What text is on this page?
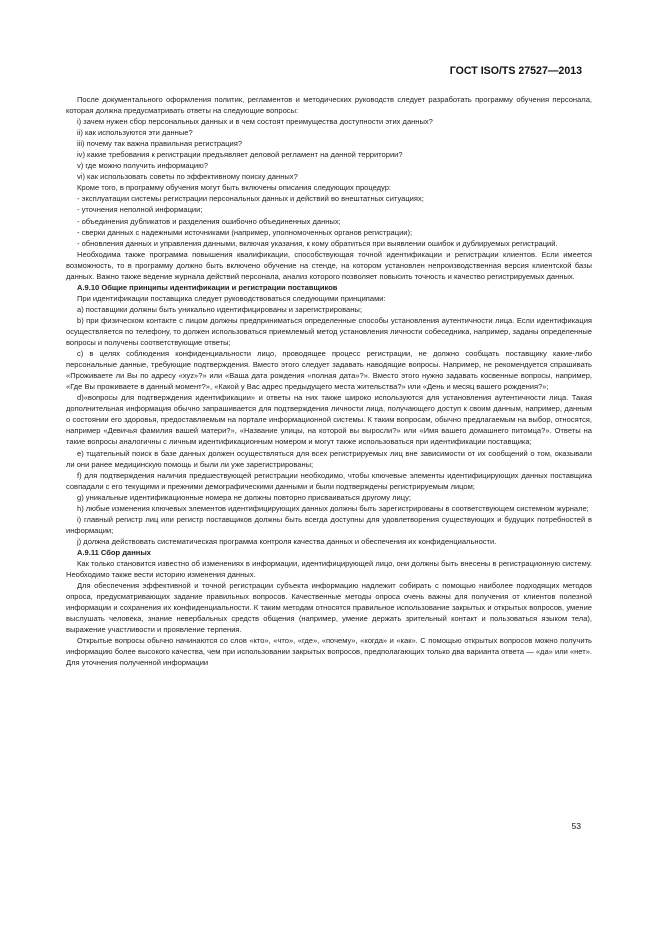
ГОСТ ISO/TS 27527—2013

После документального оформления политик, регламентов и методических руководств следует разработать программу обучения персонала, которая должна предусматривать ответы на следующие вопросы:

i) зачем нужен сбор персональных данных и в чем состоят преимущества доступности этих данных?

ii) как используются эти данные?

iii) почему так важна правильная регистрация?

iv) какие требования к регистрации предъявляет деловой регламент на данной территории?

v) где можно получить информацию?

vi) как использовать советы по эффективному поиску данных?

Кроме того, в программу обучения могут быть включены описания следующих процедур:

- эксплуатации системы регистрации персональных данных и действий во внештатных ситуациях;

- уточнения неполной информации;

- объединения дубликатов и разделения ошибочно объединенных данных;

- сверки данных с надежными источниками (например, уполномоченных органов регистрации);

- обновления данных и управления данными, включая указания, к кому обратиться при выявлении ошибок и дублируемых регистраций.

Необходима также программа повышения квалификации, способствующая точной идентификации и регистрации клиентов. Если имеется возможность, то в программу должно быть включено обучение на стенде, на котором установлен непроизводственная версия клиентской базы данных. Важно также ведение журнала действий персонала, анализ которого позволяет повысить точность и качество регистрируемых данных.

А.9.10 Общие принципы идентификации и регистрации поставщиков

При идентификации поставщика следует руководствоваться следующими принципами:

a) поставщики должны быть уникально идентифицированы и зарегистрированы;

b) при физическом контакте с лицом должны предприниматься определенные способы установления аутентичности лица. Если идентификация осуществляется по телефону, то должен использоваться приемлемый метод установления личности собеседника, например, заданы определенные вопросы и получены соответствующие ответы;

c) в целях соблюдения конфиденциальности лицо, проводящее процесс регистрации, не должно сообщать поставщику какие-либо персональные данные, требующие подтверждения. Вместо этого следует задавать наводящие вопросы. Например, не рекомендуется спрашивать «Проживаете ли Вы по адресу «xyz»?» или «Ваша дата рождения «полная дата»?». Вместо этого нужно задавать косвенные вопросы, например, «Где Вы проживаете в данный момент?», «Какой у Вас адрес предыдущего места жительства?» или «День и месяц вашего рождения?»;

d)«вопросы для подтверждения идентификации» и ответы на них также широко используются для установления аутентичности лица. Такая дополнительная информация обычно запрашивается для подтверждения личности лица, получающего доступ к своим данным, например, данным о состоянии его здоровья, предоставляемым на портале информационной системы. К таким вопросам, обычно предлагаемым на выбор, относятся, например «Девичья фамилия вашей матери?», «Название улицы, на которой вы выросли?» или «Имя вашего домашнего питомца?». Ответы на такие вопросы аналогичны с личным идентификационным номером и могут также использоваться при идентификации поставщика;

e) тщательный поиск в базе данных должен осуществляться для всех регистрируемых лиц вне зависимости от их сообщений о том, оказывали ли они ранее медицинскую помощь и были ли уже зарегистрированы;

f) для подтверждения наличия предшествующей регистрации необходимо, чтобы ключевые элементы идентифицирующих данных поставщика совпадали с его текущими и прежними демографическими данными и были подтверждены регистрируемым лицом;

g) уникальные идентификационные номера не должны повторно присваиваться другому лицу;

h) любые изменения ключевых элементов идентифицирующих данных должны быть зарегистрированы в соответствующем системном журнале;

i) главный регистр лиц или регистр поставщиков должны быть всегда доступны для удовлетворения существующих и будущих потребностей в информации;

j) должна действовать систематическая программа контроля качества данных и обеспечения их конфиденциальности.

А.9.11 Сбор данных

Как только становится известно об изменениях в информации, идентифицирующей лицо, они должны быть внесены в регистрационную систему. Необходимо также вести историю изменения данных.

Для обеспечения эффективной и точной регистрации субъекта информацию надлежит собирать с помощью наиболее подходящих методов опроса, предусматривающих задание правильных вопросов. Качественные методы опроса очень важны для получения от клиентов полезной информации и сохранения их конфиденциальности. К таким методам относятся правильное использование закрытых и открытых вопросов, умение выслушать человека, знание невербальных средств общения (например, умение держать зрительный контакт и пользоваться языком тела), выражение участливости и проявление терпения.

Открытые вопросы обычно начинаются со слов «кто», «что», «где», «почему», «когда» и «как». С помощью открытых вопросов можно получить информацию более высокого качества, чем при использовании закрытых вопросов, предполагающих только два варианта ответа — «да» или «нет». Для уточнения полученной информации

53
